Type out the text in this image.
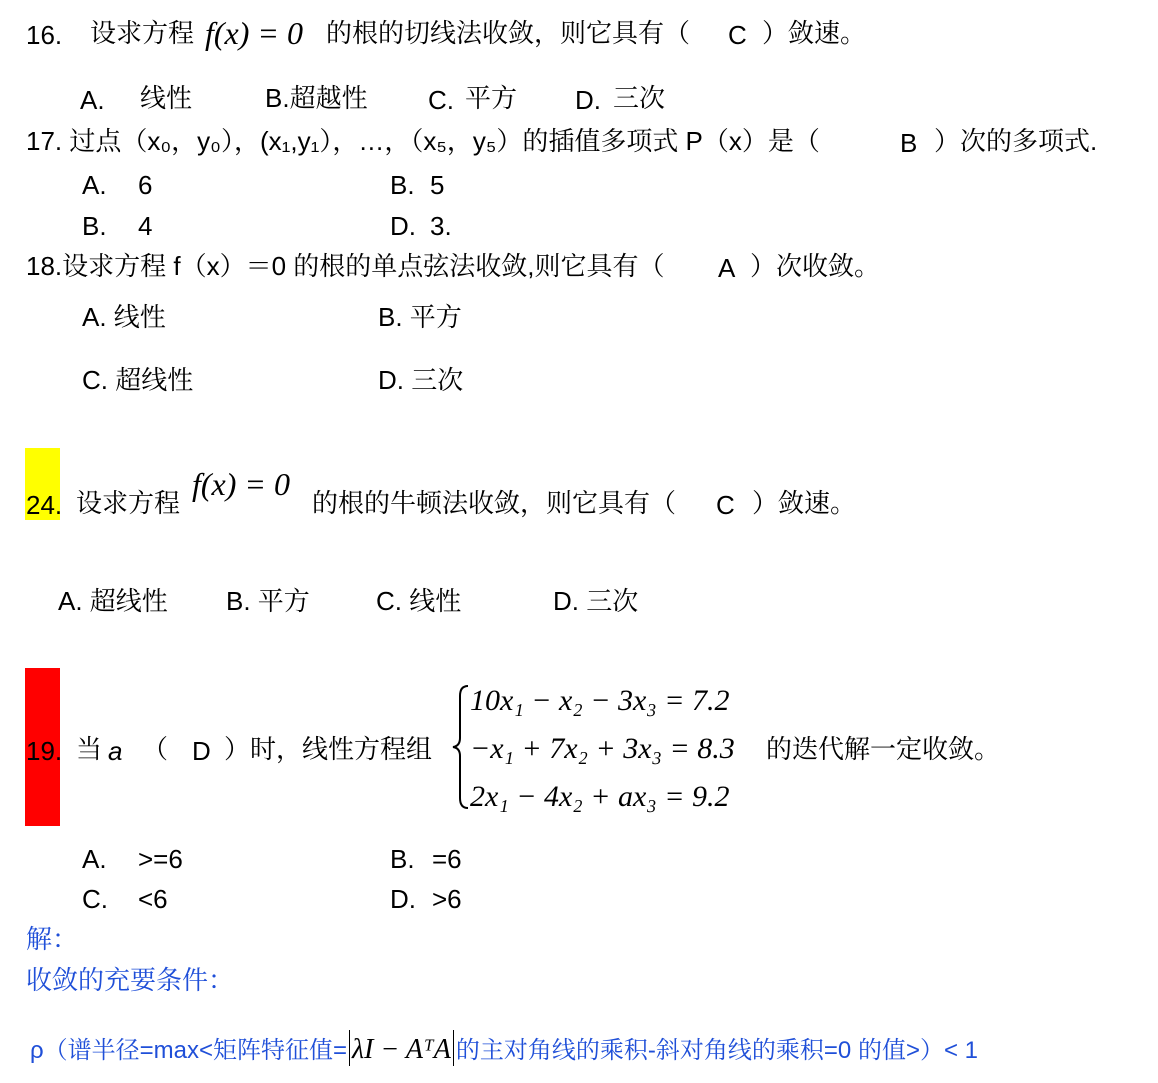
16. 设求方程 f(x) = 0 的根的切线法收敛，则它具有（ C ）敛速。
A. 线性	B.超越性 C. 平方 D. 三次
17. 过点（x₀，y₀），(x₁,y₁），…，（x₅，y₅）的插值多项式 P（x）是（	B ）次的多项式.
A. 6	B. 5
B. 4	D. 3.
18.设求方程 f（x）＝0 的根的单点弦法收敛,则它具有（ A ）次收敛。
A. 线性	B. 平方
C. 超线性	D. 三次
24. 设求方程
f(x) = 0
的根的牛顿法收敛，则它具有（ C ）敛速。
A. 超线性 B. 平方	C. 线性	D. 三次
19. 当 a （ D ）时，线性方程组
10x₁ − x₂ − 3x₃ = 7.2
−x₁ + 7x₂ + 3x₃ = 8.3
2x₁ − 4x₂ + ax₃ = 9.2
的迭代解一定收敛。
A. >=6	B. =6
C. <6	D. >6
解：
收敛的充要条件：
ρ（谱半径=max<矩阵特征值= λI − AᵀA 的主对角线的乘积-斜对角线的乘积=0 的值>）< 1
